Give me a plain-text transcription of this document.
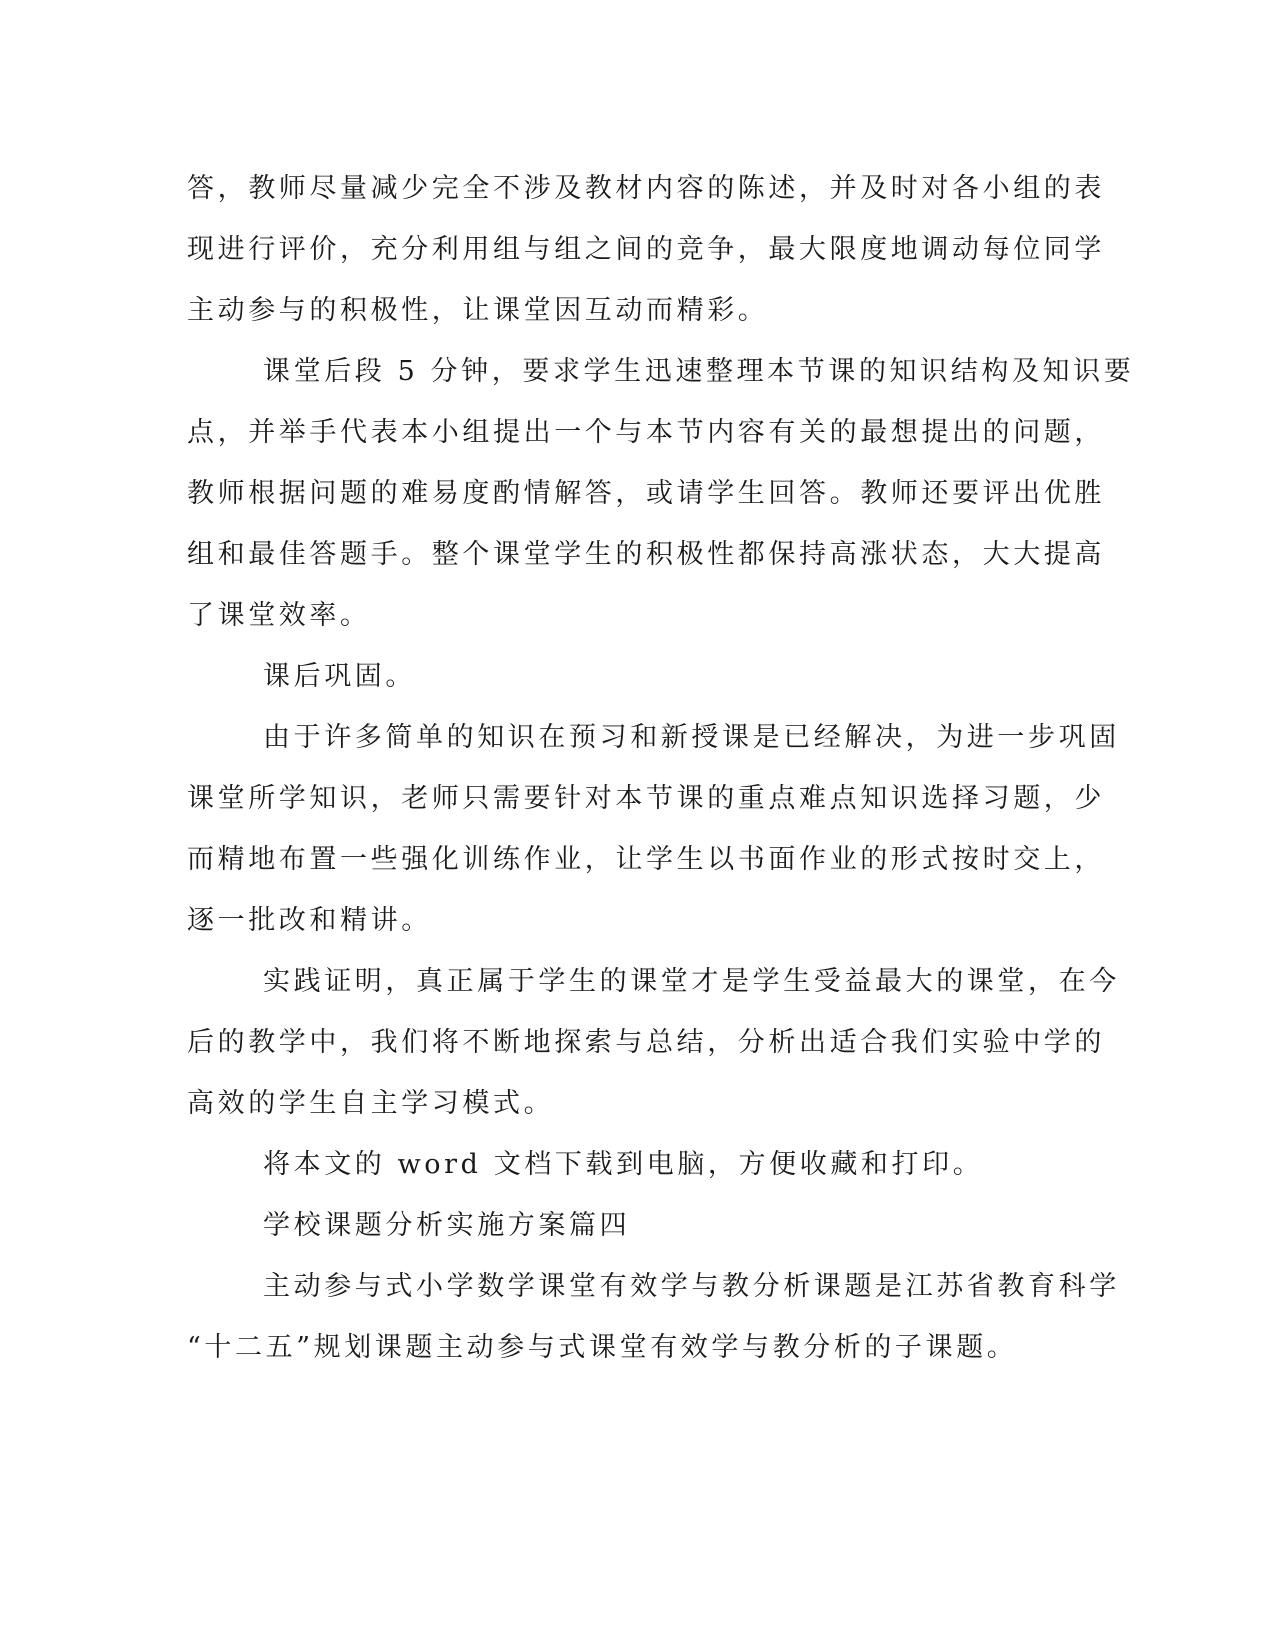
答，教师尽量减少完全不涉及教材内容的陈述，并及时对各小组的表
现进行评价，充分利用组与组之间的竞争，最大限度地调动每位同学
主动参与的积极性，让课堂因互动而精彩。
课堂后段 5 分钟，要求学生迅速整理本节课的知识结构及知识要
点，并举手代表本小组提出一个与本节内容有关的最想提出的问题，
教师根据问题的难易度酌情解答，或请学生回答。教师还要评出优胜
组和最佳答题手。整个课堂学生的积极性都保持高涨状态，大大提高
了课堂效率。
课后巩固。
由于许多简单的知识在预习和新授课是已经解决，为进一步巩固
课堂所学知识，老师只需要针对本节课的重点难点知识选择习题，少
而精地布置一些强化训练作业，让学生以书面作业的形式按时交上，
逐一批改和精讲。
实践证明，真正属于学生的课堂才是学生受益最大的课堂，在今
后的教学中，我们将不断地探索与总结，分析出适合我们实验中学的
高效的学生自主学习模式。
将本文的 word 文档下载到电脑，方便收藏和打印。
学校课题分析实施方案篇四
主动参与式小学数学课堂有效学与教分析课题是江苏省教育科学
“十二五”规划课题主动参与式课堂有效学与教分析的子课题。
